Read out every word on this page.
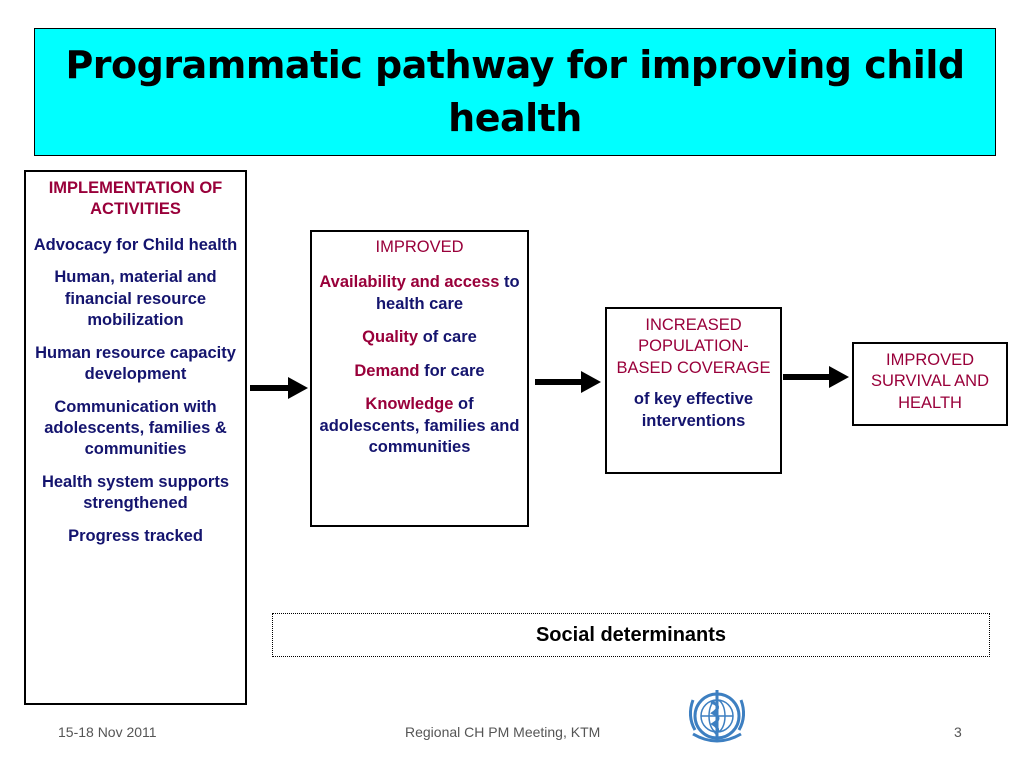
Programmatic pathway for improving child health

IMPLEMENTATION OF ACTIVITIES

Advocacy for Child health

Human, material and financial resource mobilization

Human resource capacity development

Communication with adolescents, families & communities

Health system supports strengthened

Progress tracked

IMPROVED

Availability and access to health care

Quality of care

Demand for care

Knowledge of adolescents, families and communities

INCREASED POPULATION-BASED COVERAGE

of key effective interventions

IMPROVED SURVIVAL AND HEALTH

Social determinants
15-18 Nov 2011	Regional CH PM Meeting, KTM	3
